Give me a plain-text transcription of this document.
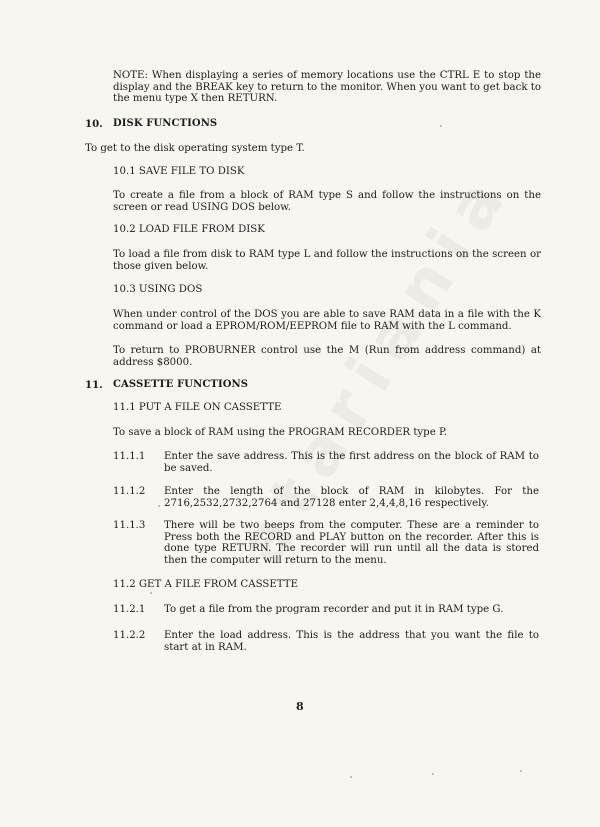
NOTE: When displaying a series of memory locations use the CTRL E to stop the display and the BREAK key to return to the monitor. When you want to get back to the menu type X then RETURN.

10. DISK FUNCTIONS

To get to the disk operating system type T.

10.1 SAVE FILE TO DISK

To create a file from a block of RAM type S and follow the instructions on the screen or read USING DOS below.

10.2 LOAD FILE FROM DISK

To load a file from disk to RAM type L and follow the instructions on the screen or those given below.

10.3 USING DOS

When under control of the DOS you are able to save RAM data in a file with the K command or load a EPROM/ROM/EEPROM file to RAM with the L command.

To return to PROBURNER control use the M (Run from address command) at address $8000.

11. CASSETTE FUNCTIONS
11.1 PUT A FILE ON CASSETTE

To save a block of RAM using the PROGRAM RECORDER type P.

11.1.1 Enter the save address. This is the first address on the block of RAM to be saved.

11.1.2 Enter the length of the block of RAM in kilobytes. For the 2716,2532,2732,2764 and 27128 enter 2,4,4,8,16 respectively.

11.1.3 There will be two beeps from the computer. These are a reminder to Press both the RECORD and PLAY button on the recorder. After this is done type RETURN. The recorder will run until all the data is stored then the computer will return to the menu.

11.2 GET A FILE FROM CASSETTE
11.2.1 To get a file from the program recorder and put it in RAM type G.

11.2.2 Enter the load address. This is the address that you want the file to start at in RAM.

8
